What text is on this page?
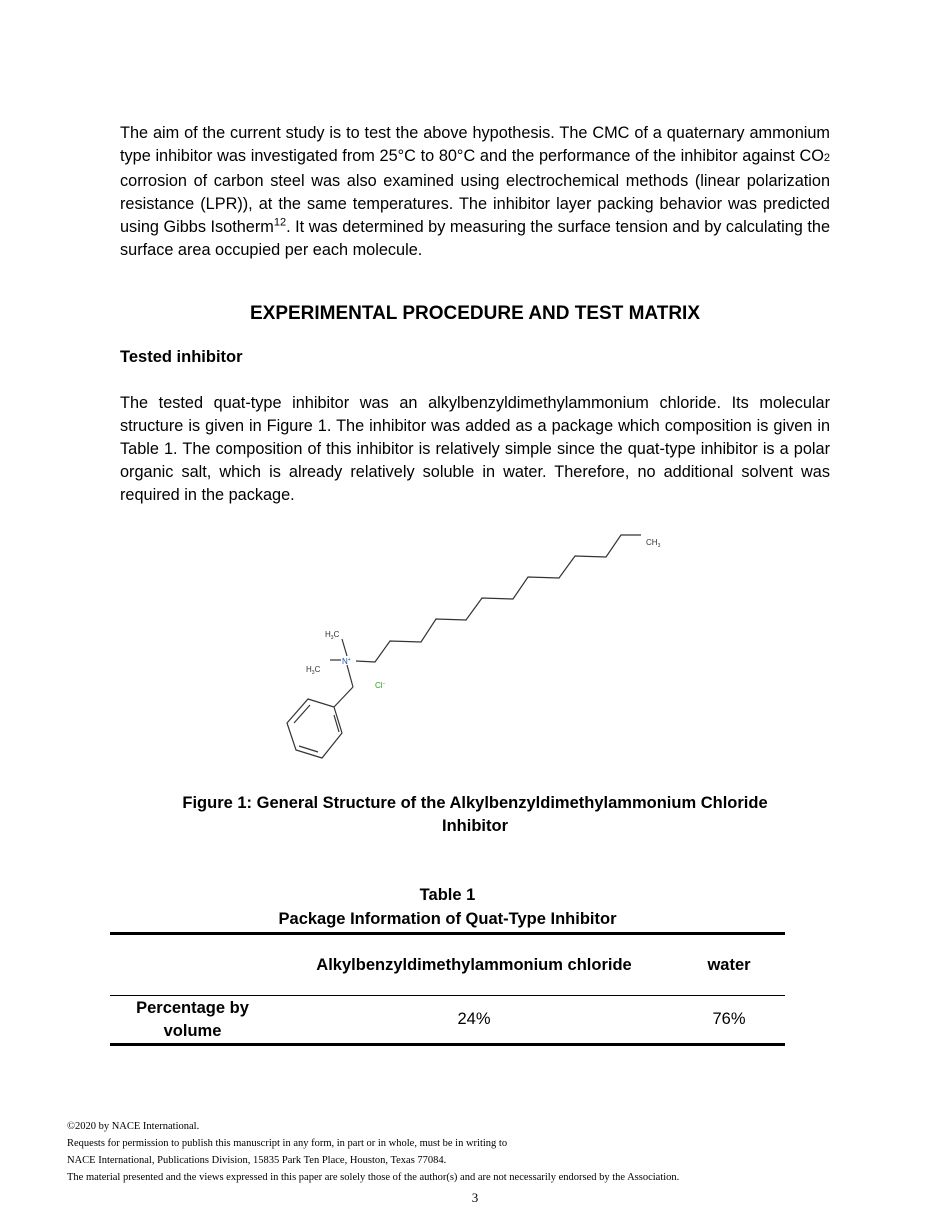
The aim of the current study is to test the above hypothesis. The CMC of a quaternary ammonium type inhibitor was investigated from 25°C to 80°C and the performance of the inhibitor against CO2 corrosion of carbon steel was also examined using electrochemical methods (linear polarization resistance (LPR)), at the same temperatures. The inhibitor layer packing behavior was predicted using Gibbs Isotherm$^{12}$. It was determined by measuring the surface tension and by calculating the surface area occupied per each molecule.

EXPERIMENTAL PROCEDURE AND TEST MATRIX
Tested inhibitor

The tested quat-type inhibitor was an alkylbenzyldimethylammonium chloride. Its molecular structure is given in Figure 1. The inhibitor was added as a package which composition is given in Table 1. The composition of this inhibitor is relatively simple since the quat-type inhibitor is a polar organic salt, which is already relatively soluble in water. Therefore, no additional solvent was required in the package.

$CH_3$
$H_3C$
$H_3C$
N+
Cl−

Figure 1: General Structure of the Alkylbenzyldimethylammonium Chloride
Inhibitor

Table 1

Package Information of Quat-Type Inhibitor

	Alkylbenzyldimethylammonium chloride	water
Percentage by
volume	24%	76%
©2020 by NACE International.
Requests for permission to publish this manuscript in any form, in part or in whole, must be in writing to
NACE International, Publications Division, 15835 Park Ten Place, Houston, Texas 77084.
The material presented and the views expressed in this paper are solely those of the author(s) and are not necessarily endorsed by the Association.
3
